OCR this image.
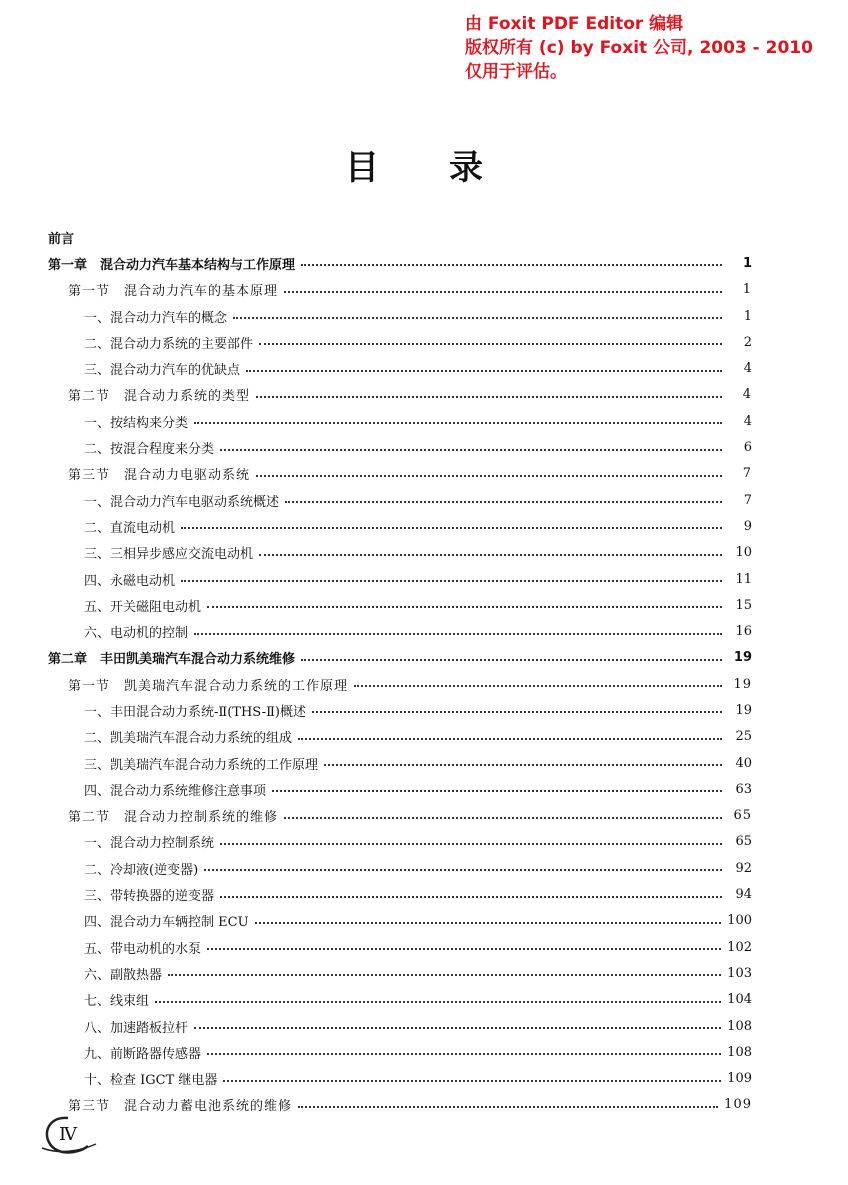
由 Foxit PDF Editor 编辑
版权所有 (c) by Foxit 公司, 2003 - 2010
仅用于评估。
目录
前言
第一章　混合动力汽车基本结构与工作原理	1
第一节　混合动力汽车的基本原理	1
一、混合动力汽车的概念	1
二、混合动力系统的主要部件	2
三、混合动力汽车的优缺点	4
第二节　混合动力系统的类型	4
一、按结构来分类	4
二、按混合程度来分类	6
第三节　混合动力电驱动系统	7
一、混合动力汽车电驱动系统概述	7
二、直流电动机	9
三、三相异步感应交流电动机	10
四、永磁电动机	11
五、开关磁阻电动机	15
六、电动机的控制	16
第二章　丰田凯美瑞汽车混合动力系统维修	19
第一节　凯美瑞汽车混合动力系统的工作原理	19
一、丰田混合动力系统-Ⅱ(THS-Ⅱ)概述	19
二、凯美瑞汽车混合动力系统的组成	25
三、凯美瑞汽车混合动力系统的工作原理	40
四、混合动力系统维修注意事项	63
第二节　混合动力控制系统的维修	65
一、混合动力控制系统	65
二、冷却液(逆变器)	92
三、带转换器的逆变器	94
四、混合动力车辆控制 ECU	100
五、带电动机的水泵	102
六、副散热器	103
七、线束组	104
八、加速踏板拉杆	108
九、前断路器传感器	108
十、检查 IGCT 继电器	109
第三节　混合动力蓄电池系统的维修	109
Ⅳ
